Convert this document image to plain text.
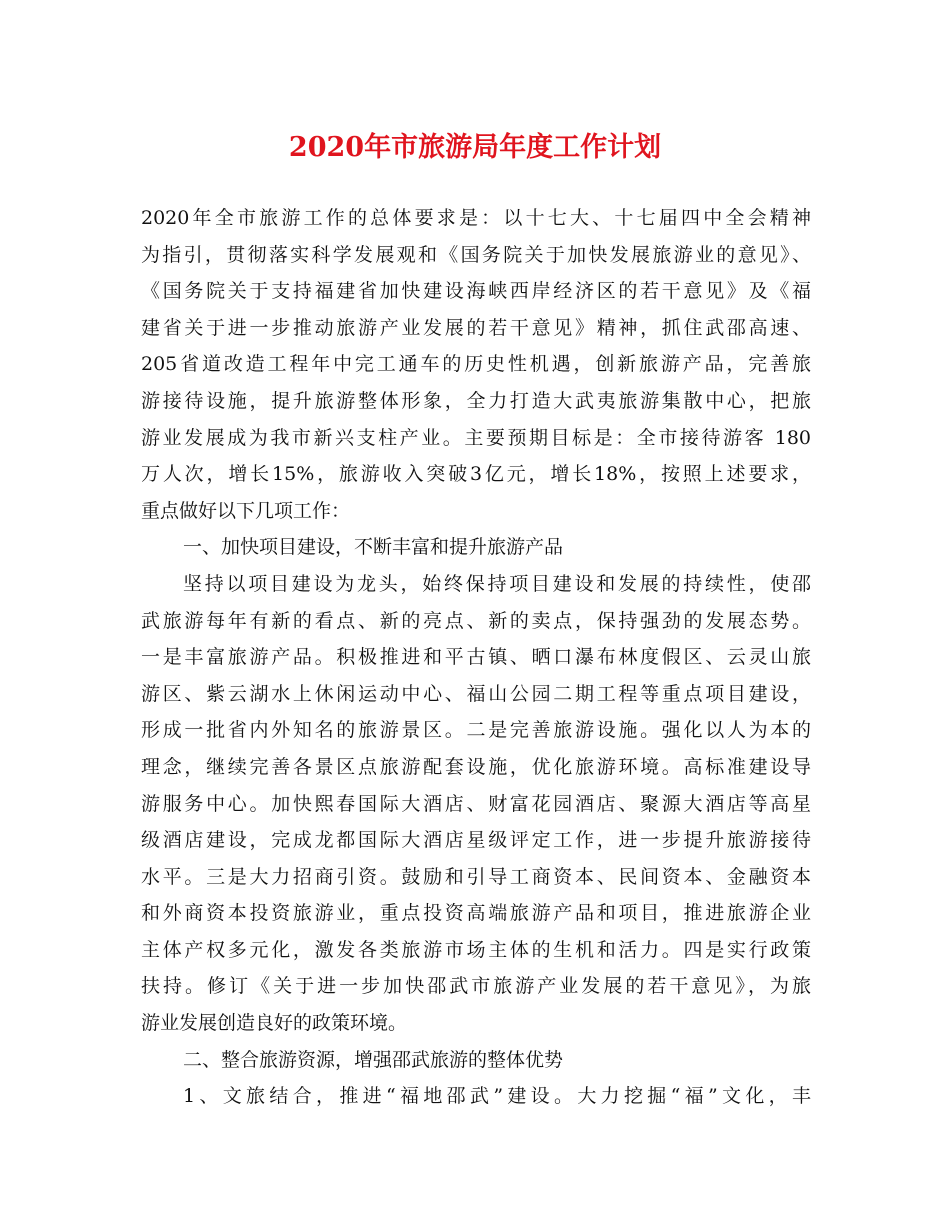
2020年市旅游局年度工作计划
2020年全市旅游工作的总体要求是：以十七大、十七届四中全会精神
为指引，贯彻落实科学发展观和《国务院关于加快发展旅游业的意见》、
《国务院关于支持福建省加快建设海峡西岸经济区的若干意见》及《福
建省关于进一步推动旅游产业发展的若干意见》精神，抓住武邵高速、
205省道改造工程年中完工通车的历史性机遇，创新旅游产品，完善旅
游接待设施，提升旅游整体形象，全力打造大武夷旅游集散中心，把旅
游业发展成为我市新兴支柱产业。主要预期目标是：全市接待游客 180
万人次，增长15%，旅游收入突破3亿元，增长18%，按照上述要求，
重点做好以下几项工作：
一、加快项目建设，不断丰富和提升旅游产品
坚持以项目建设为龙头，始终保持项目建设和发展的持续性，使邵
武旅游每年有新的看点、新的亮点、新的卖点，保持强劲的发展态势。
一是丰富旅游产品。积极推进和平古镇、晒口瀑布林度假区、云灵山旅
游区、紫云湖水上休闲运动中心、福山公园二期工程等重点项目建设，
形成一批省内外知名的旅游景区。二是完善旅游设施。强化以人为本的
理念，继续完善各景区点旅游配套设施，优化旅游环境。高标准建设导
游服务中心。加快熙春国际大酒店、财富花园酒店、聚源大酒店等高星
级酒店建设，完成龙都国际大酒店星级评定工作，进一步提升旅游接待
水平。三是大力招商引资。鼓励和引导工商资本、民间资本、金融资本
和外商资本投资旅游业，重点投资高端旅游产品和项目，推进旅游企业
主体产权多元化，激发各类旅游市场主体的生机和活力。四是实行政策
扶持。修订《关于进一步加快邵武市旅游产业发展的若干意见》，为旅
游业发展创造良好的政策环境。
二、整合旅游资源，增强邵武旅游的整体优势
1、文旅结合，推进“福地邵武”建设。大力挖掘“福”文化，丰
